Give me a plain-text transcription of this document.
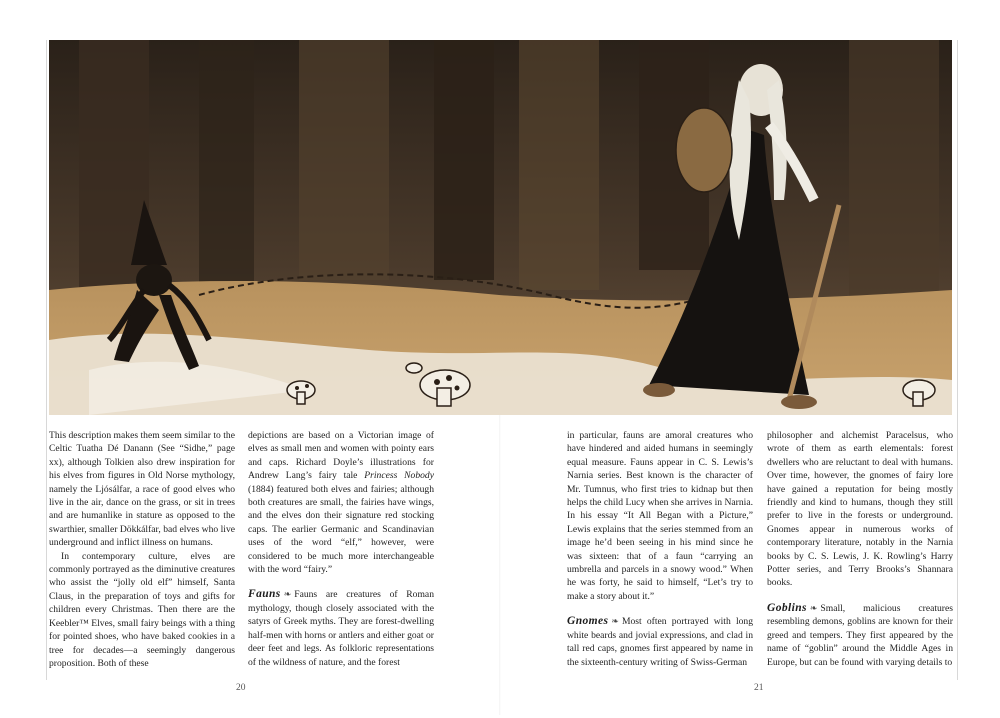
This description makes them seem similar to the Celtic Tuatha Dé Danann (See “Sidhe,” page xx), although Tolkien also drew inspiration for his elves from figures in Old Norse mythology, namely the Ljósálfar, a race of good elves who live in the air, dance on the grass, or sit in trees and are humanlike in stature as opposed to the swarthier, smaller Dökkálfar, bad elves who live underground and inflict illness on humans.

In contemporary culture, elves are commonly portrayed as the diminutive creatures who assist the “jolly old elf” himself, Santa Claus, in the preparation of toys and gifts for children every Christmas. Then there are the Keebler™ Elves, small fairy beings with a thing for pointed shoes, who have baked cookies in a tree for decades—a seemingly dangerous proposition. Both of these

depictions are based on a Victorian image of elves as small men and women with pointy ears and caps. Richard Doyle’s illustrations for Andrew Lang’s fairy tale Princess Nobody (1884) featured both elves and fairies; although both creatures are small, the fairies have wings, and the elves don their signature red stocking caps. The earlier Germanic and Scandinavian uses of the word “elf,” however, were considered to be much more interchangeable with the word “fairy.”

Fauns ❧ Fauns are creatures of Roman mythology, though closely associated with the satyrs of Greek myths. They are forest-dwelling half-men with horns or antlers and either goat or deer feet and legs. As folkloric representations of the wildness of nature, and the forest

in particular, fauns are amoral creatures who have hindered and aided humans in seemingly equal measure. Fauns appear in C. S. Lewis’s Narnia series. Best known is the character of Mr. Tumnus, who first tries to kidnap but then helps the child Lucy when she arrives in Narnia. In his essay “It All Began with a Picture,” Lewis explains that the series stemmed from an image he’d been seeing in his mind since he was sixteen: that of a faun “carrying an umbrella and parcels in a snowy wood.” When he was forty, he said to himself, “Let’s try to make a story about it.”

Gnomes ❧ Most often portrayed with long white beards and jovial expressions, and clad in tall red caps, gnomes first appeared by name in the sixteenth-century writing of Swiss-German

philosopher and alchemist Paracelsus, who wrote of them as earth elementals: forest dwellers who are reluctant to deal with humans. Over time, however, the gnomes of fairy lore have gained a reputation for being mostly friendly and kind to humans, though they still prefer to live in the forests or underground. Gnomes appear in numerous works of contemporary literature, notably in the Narnia books by C. S. Lewis, J. K. Rowling’s Harry Potter series, and Terry Brooks’s Shannara books.

Goblins ❧ Small, malicious creatures resembling demons, goblins are known for their greed and tempers. They first appeared by the name of “goblin” around the Middle Ages in Europe, but can be found with varying details to

20	21
